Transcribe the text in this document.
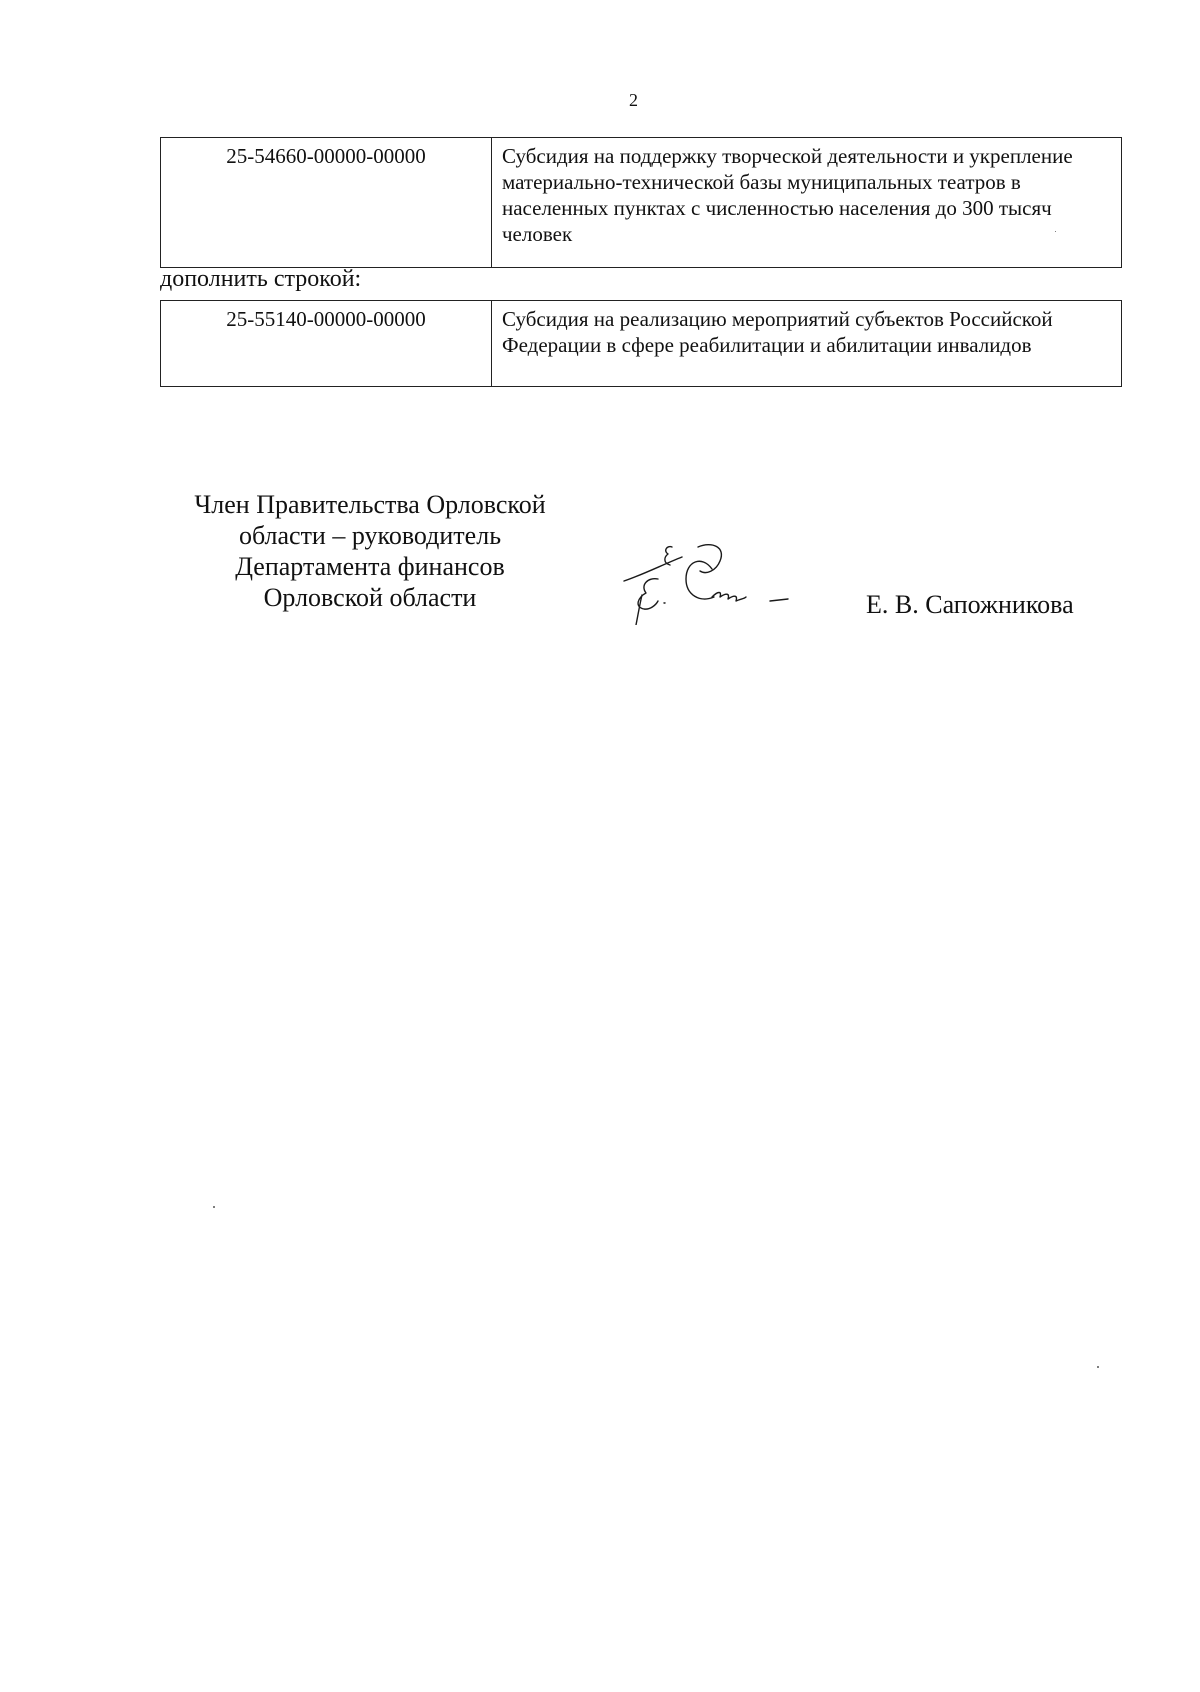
2
25-54660-00000-00000	Субсидия на поддержку творческой деятельности и укрепление материально-технической базы муниципальных театров в населенных пунктах с численностью населения до 300 тысяч человек
дополнить строкой:
25-55140-00000-00000	Субсидия на реализацию мероприятий субъектов Российской Федерации в сфере реабилитации и абилитации инвалидов
Член Правительства Орловской
области – руководитель
Департамента финансов
Орловской области	Е. В. Сапожникова
